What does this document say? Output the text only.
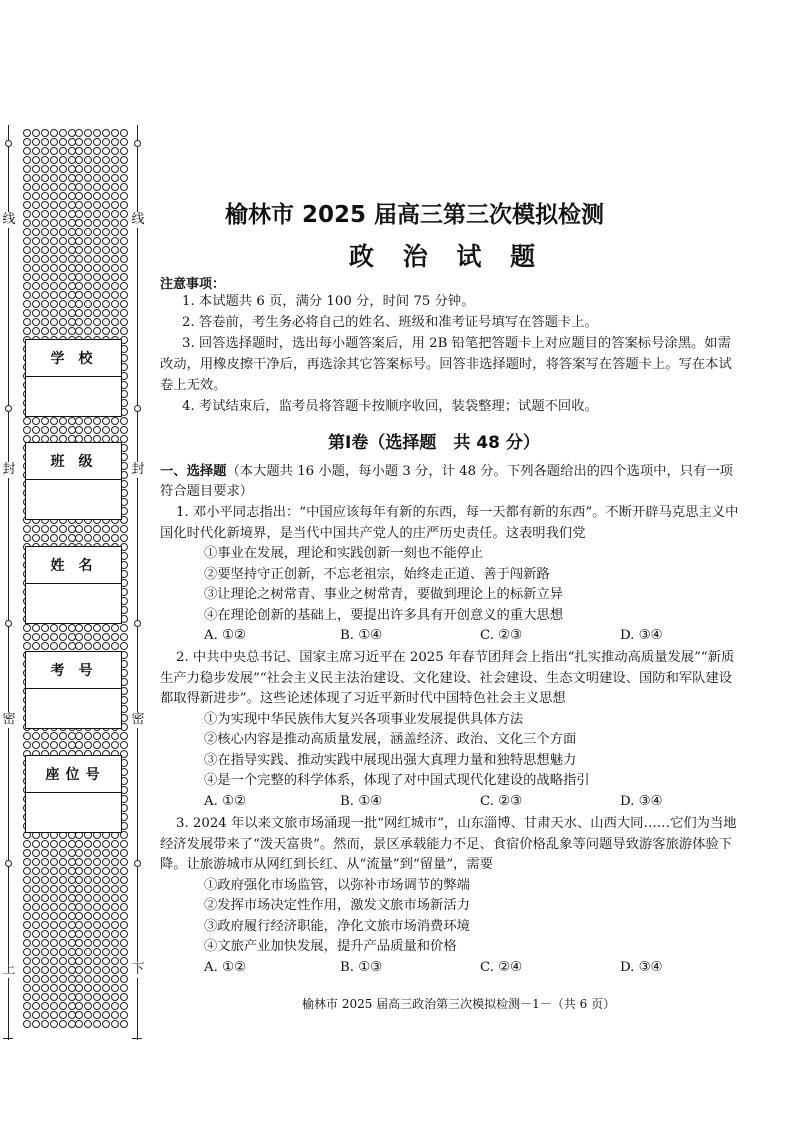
线
封
密
上
线
封
密
下
学校
班级
姓名
考号
座位号
榆林市 2025 届高三第三次模拟检测
政 治 试 题
注意事项：
1. 本试题共 6 页，满分 100 分，时间 75 分钟。
2. 答卷前，考生务必将自己的姓名、班级和准考证号填写在答题卡上。
3. 回答选择题时，选出每小题答案后，用 2B 铅笔把答题卡上对应题目的答案标号涂黑。如需
改动，用橡皮擦干净后，再选涂其它答案标号。回答非选择题时，将答案写在答题卡上。写在本试
卷上无效。
4. 考试结束后，监考员将答题卡按顺序收回，装袋整理；试题不回收。
第Ⅰ卷（选择题　共 48 分）
一、选择题（本大题共 16 小题，每小题 3 分，计 48 分。下列各题给出的四个选项中，只有一项符合题目要求）
1. 邓小平同志指出：“中国应该每年有新的东西，每一天都有新的东西”。不断开辟马克思主义中国化时代化新境界，是当代中国共产党人的庄严历史责任。这表明我们党
①事业在发展，理论和实践创新一刻也不能停止
②要坚持守正创新，不忘老祖宗，始终走正道、善于闯新路
③让理论之树常青、事业之树常青，要做到理论上的标新立异
④在理论创新的基础上，要提出许多具有开创意义的重大思想
A. ①②	B. ①④	C. ②③	D. ③④
2. 中共中央总书记、国家主席习近平在 2025 年春节团拜会上指出“扎实推动高质量发展”“新质生产力稳步发展”“社会主义民主法治建设、文化建设、社会建设、生态文明建设、国防和军队建设都取得新进步”。这些论述体现了习近平新时代中国特色社会主义思想
①为实现中华民族伟大复兴各项事业发展提供具体方法
②核心内容是推动高质量发展，涵盖经济、政治、文化三个方面
③在指导实践、推动实践中展现出强大真理力量和独特思想魅力
④是一个完整的科学体系，体现了对中国式现代化建设的战略指引
A. ①②	B. ①④	C. ②③	D. ③④
3. 2024 年以来文旅市场涌现一批“网红城市”，山东淄博、甘肃天水、山西大同……它们为当地经济发展带来了“泼天富贵”。然而，景区承载能力不足、食宿价格乱象等问题导致游客旅游体验下降。让旅游城市从网红到长红、从“流量”到“留量”，需要
①政府强化市场监管，以弥补市场调节的弊端
②发挥市场决定性作用，激发文旅市场新活力
③政府履行经济职能，净化文旅市场消费环境
④文旅产业加快发展，提升产品质量和价格
A. ①②	B. ①③	C. ②④	D. ③④
榆林市 2025 届高三政治第三次模拟检测－1－（共 6 页）
